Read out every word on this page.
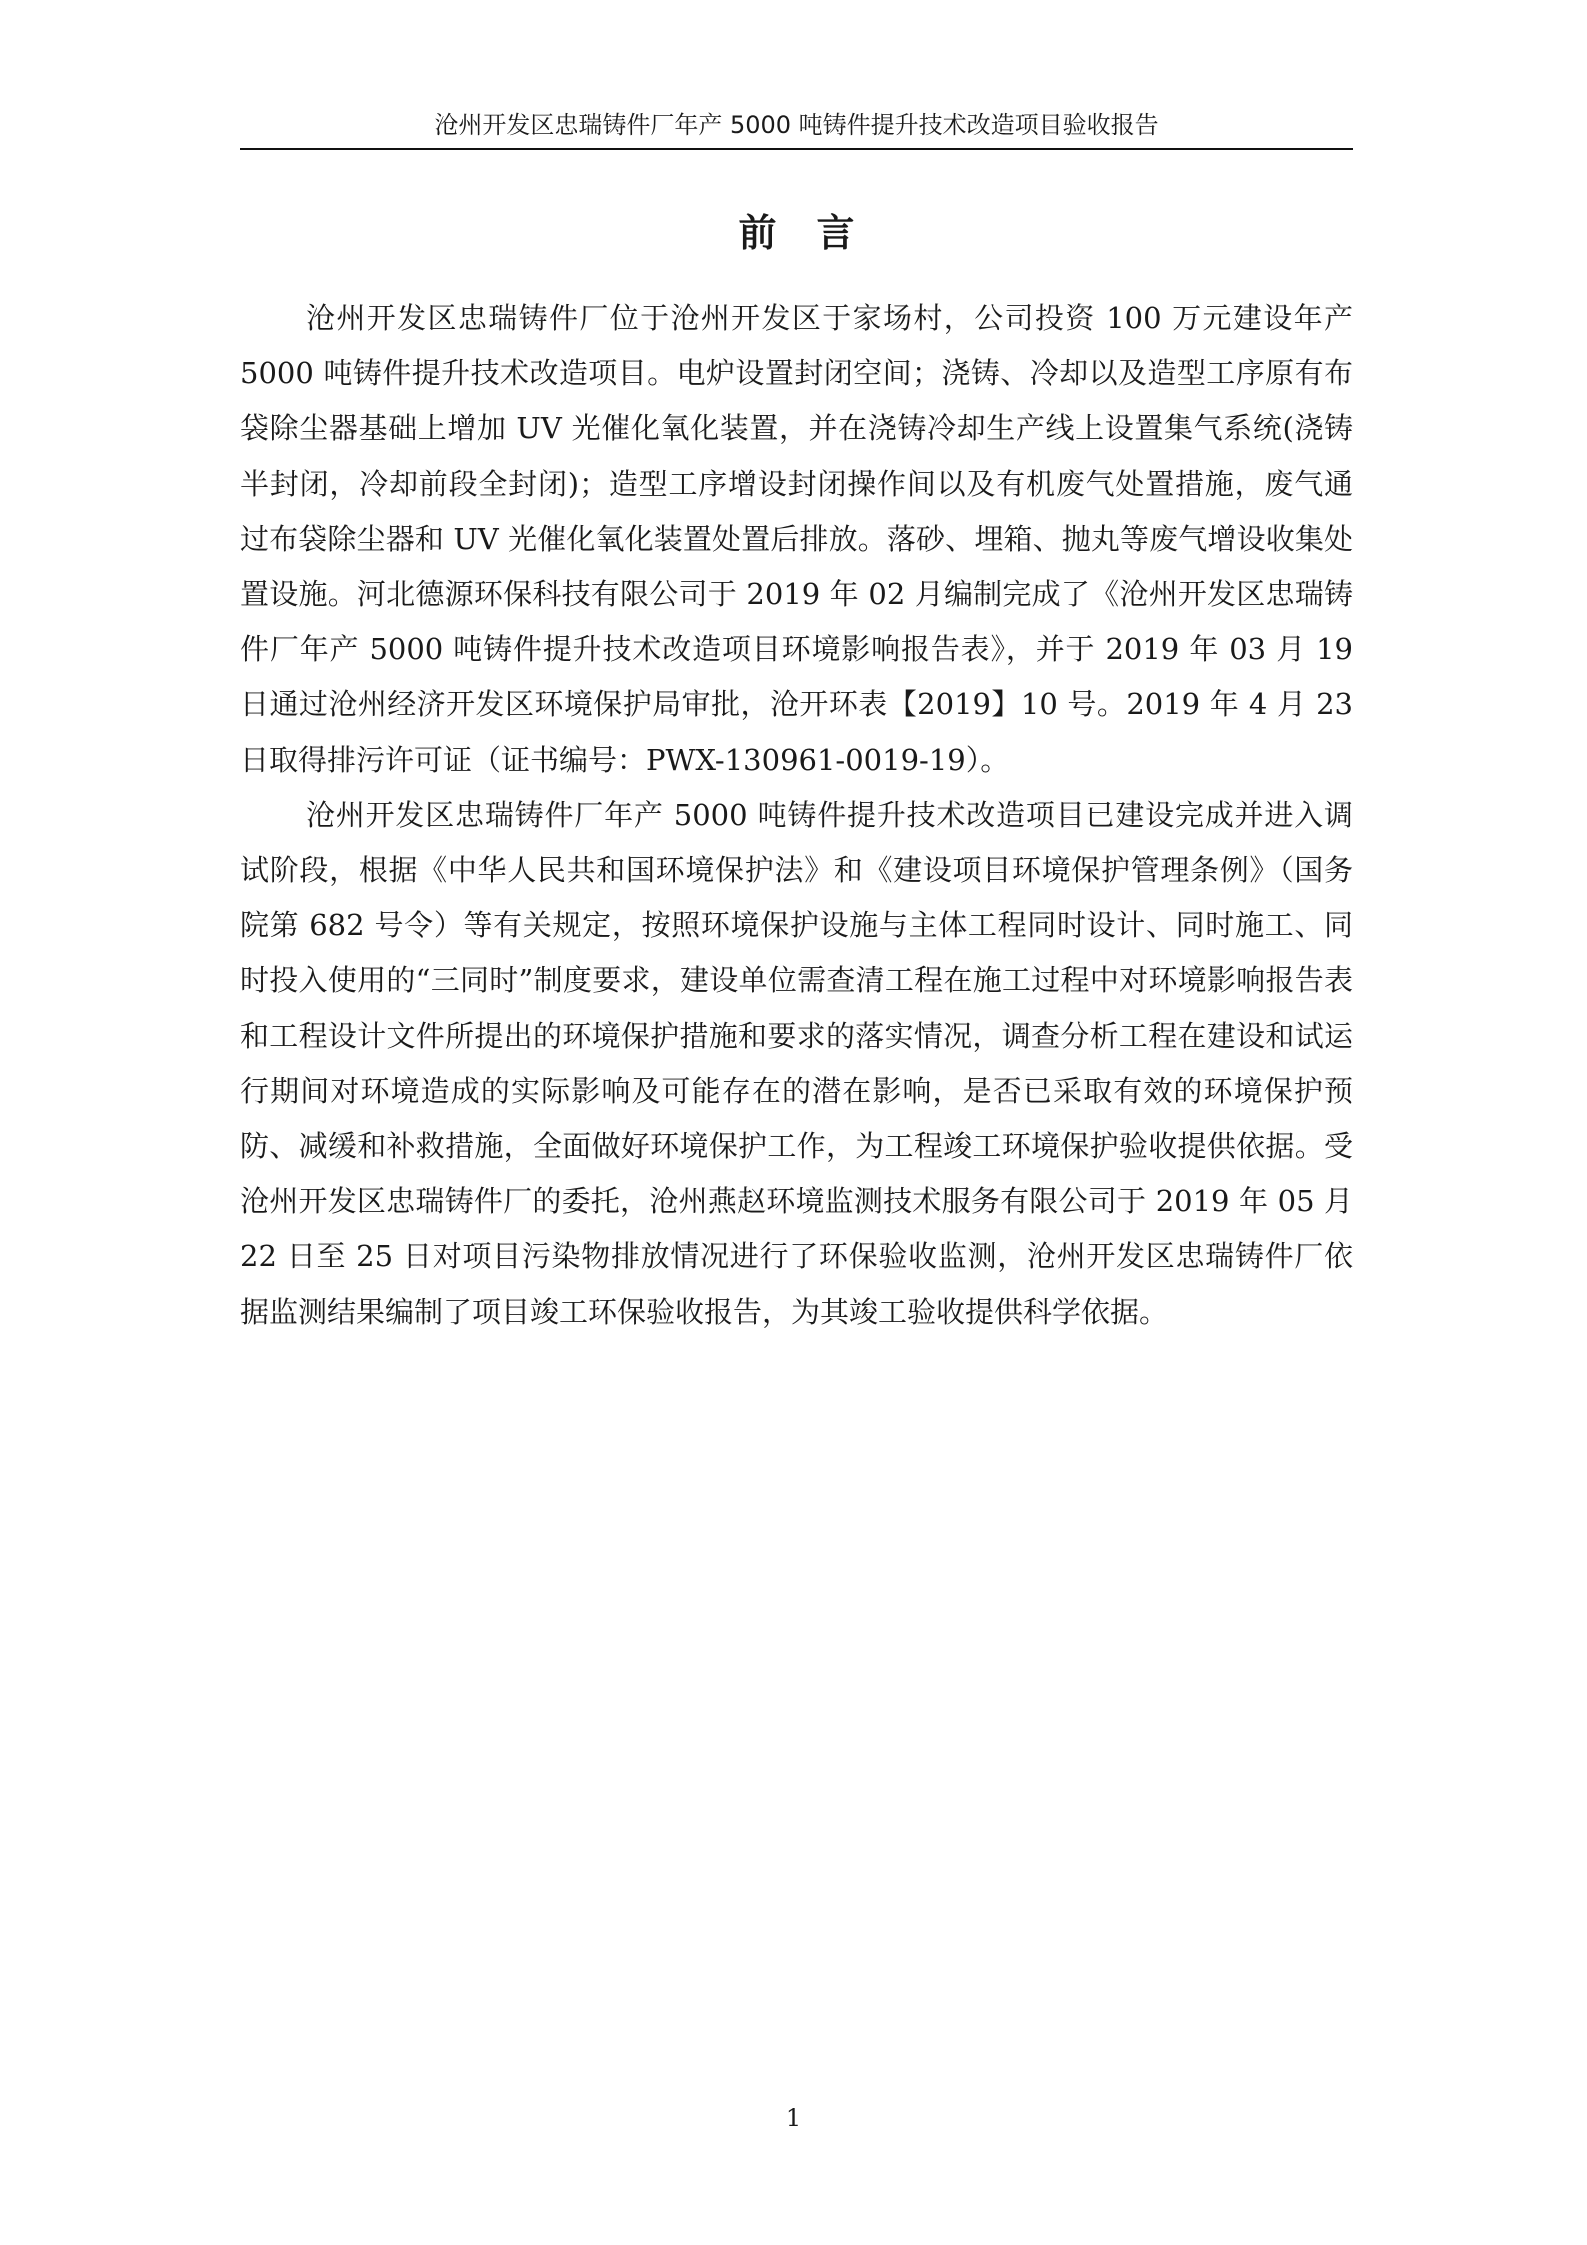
沧州开发区忠瑞铸件厂年产 5000 吨铸件提升技术改造项目验收报告
前言

沧州开发区忠瑞铸件厂位于沧州开发区于家场村，公司投资 100 万元建设年产 5000 吨铸件提升技术改造项目。电炉设置封闭空间；浇铸、冷却以及造型工序原有布袋除尘器基础上增加 UV 光催化氧化装置，并在浇铸冷却生产线上设置集气系统(浇铸半封闭，冷却前段全封闭)；造型工序增设封闭操作间以及有机废气处置措施，废气通过布袋除尘器和 UV 光催化氧化装置处置后排放。落砂、埋箱、抛丸等废气增设收集处置设施。河北德源环保科技有限公司于 2019 年 02 月编制完成了《沧州开发区忠瑞铸件厂年产 5000 吨铸件提升技术改造项目环境影响报告表》，并于 2019 年 03 月 19 日通过沧州经济开发区环境保护局审批，沧开环表【2019】10 号。2019 年 4 月 23 日取得排污许可证（证书编号：PWX-130961-0019-19）。

沧州开发区忠瑞铸件厂年产 5000 吨铸件提升技术改造项目已建设完成并进入调试阶段，根据《中华人民共和国环境保护法》和《建设项目环境保护管理条例》（国务院第 682 号令）等有关规定，按照环境保护设施与主体工程同时设计、同时施工、同时投入使用的“三同时”制度要求，建设单位需查清工程在施工过程中对环境影响报告表和工程设计文件所提出的环境保护措施和要求的落实情况，调查分析工程在建设和试运行期间对环境造成的实际影响及可能存在的潜在影响，是否已采取有效的环境保护预防、减缓和补救措施，全面做好环境保护工作，为工程竣工环境保护验收提供依据。受沧州开发区忠瑞铸件厂的委托，沧州燕赵环境监测技术服务有限公司于 2019 年 05 月 22 日至 25 日对项目污染物排放情况进行了环保验收监测，沧州开发区忠瑞铸件厂依据监测结果编制了项目竣工环保验收报告，为其竣工验收提供科学依据。

1
